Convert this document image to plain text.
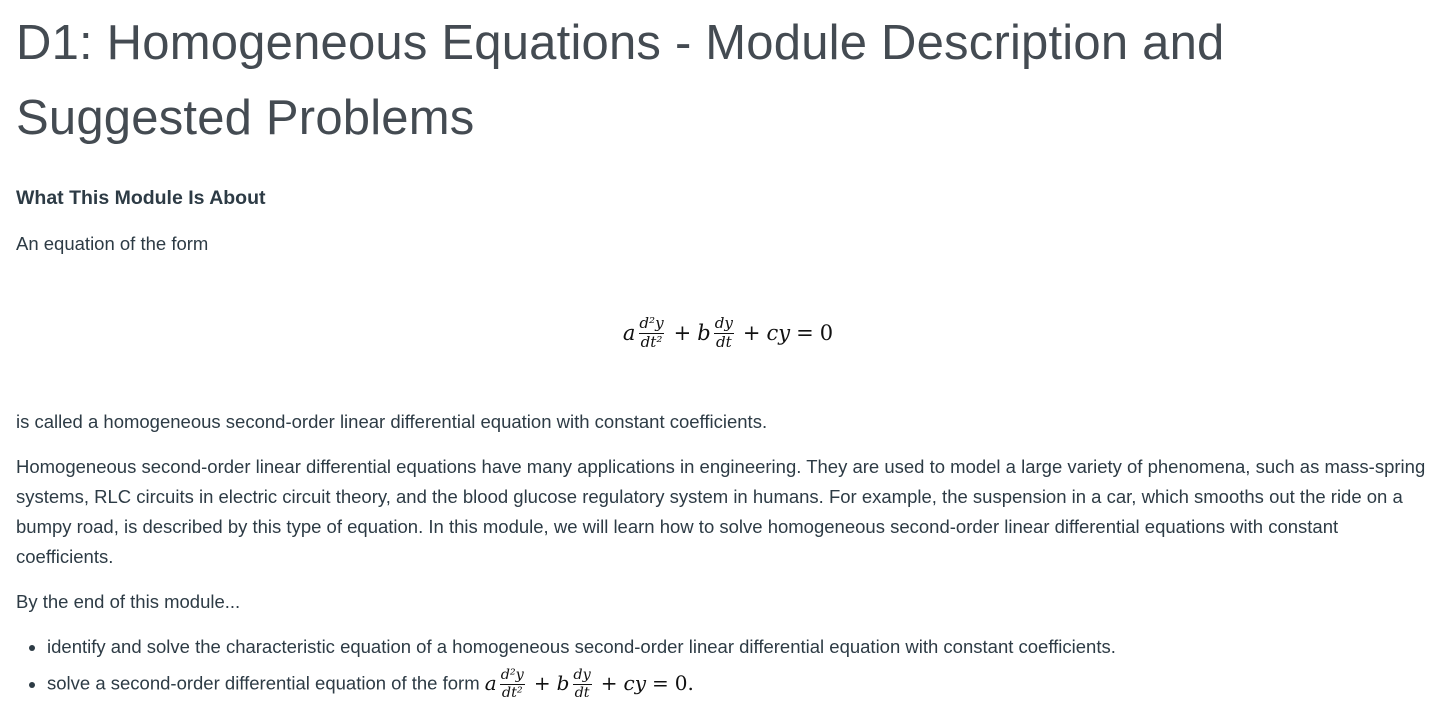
D1: Homogeneous Equations - Module Description and Suggested Problems
What This Module Is About

An equation of the form

a $\frac{\text{d²y}}{\text{dt²}} + b \frac{dy}{dt}$ + cy = 0

is called a homogeneous second-order linear differential equation with constant coefficients.

Homogeneous second-order linear differential equations have many applications in engineering. They are used to model a large variety of phenomena, such as mass-spring systems, RLC circuits in electric circuit theory, and the blood glucose regulatory system in humans. For example, the suspension in a car, which smooths out the ride on a bumpy road, is described by this type of equation. In this module, we will learn how to solve homogeneous second-order linear differential equations with constant coefficients.

By the end of this module...

• identify and solve the characteristic equation of a homogeneous second-order linear differential equation with constant coefficients.
• solve a second-order differential equation of the form a $\frac{\text{d²y}}{\text{dt²}} + b \frac{dy}{dt}$ + cy = 0.
